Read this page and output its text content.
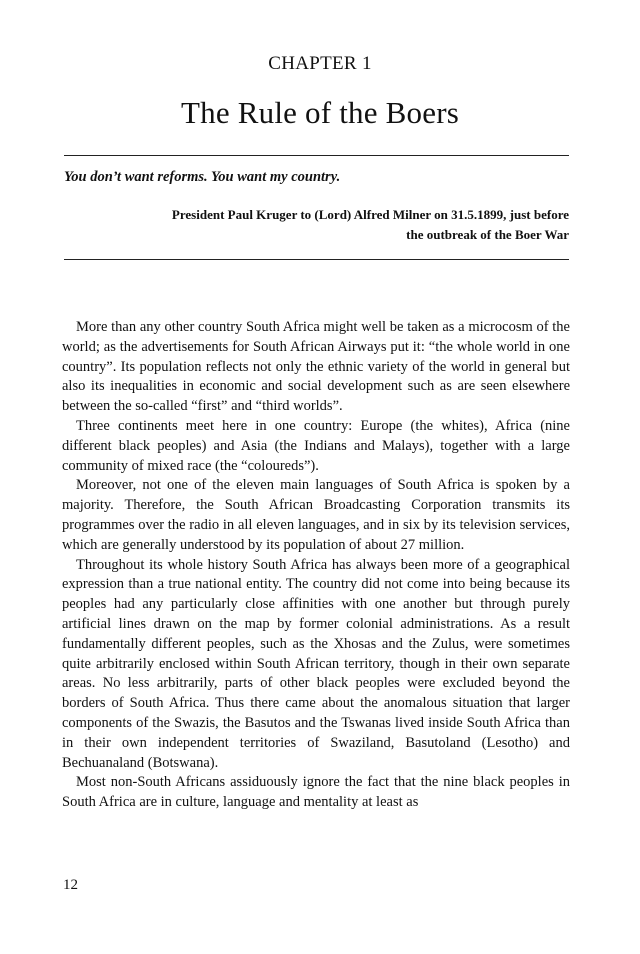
CHAPTER 1
The Rule of the Boers
You don’t want reforms. You want my country.
President Paul Kruger to (Lord) Alfred Milner on 31.5.1899, just before
the outbreak of the Boer War

More than any other country South Africa might well be taken as a microcosm of the world; as the advertisements for South African Airways put it: “the whole world in one country”. Its population reflects not only the ethnic variety of the world in general but also its inequalities in economic and social development such as are seen elsewhere between the so-called “first” and “third worlds”.

Three continents meet here in one country: Europe (the whites), Africa (nine different black peoples) and Asia (the Indians and Malays), together with a large community of mixed race (the “coloureds”).

Moreover, not one of the eleven main languages of South Africa is spoken by a majority. Therefore, the South African Broadcasting Corporation transmits its programmes over the radio in all eleven languages, and in six by its television services, which are generally understood by its population of about 27 million.

Throughout its whole history South Africa has always been more of a geographical expression than a true national entity. The country did not come into being because its peoples had any particularly close affinities with one another but through purely artificial lines drawn on the map by former colonial administrations. As a result fundamentally different peoples, such as the Xhosas and the Zulus, were sometimes quite arbitrarily enclosed within South African territory, though in their own separate areas. No less arbitrarily, parts of other black peoples were excluded beyond the borders of South Africa. Thus there came about the anomalous situation that larger components of the Swazis, the Basutos and the Tswanas lived inside South Africa than in their own independent territories of Swaziland, Basutoland (Lesotho) and Bechuanaland (Botswana).

Most non-South Africans assiduously ignore the fact that the nine black peoples in South Africa are in culture, language and mentality at least as

12
